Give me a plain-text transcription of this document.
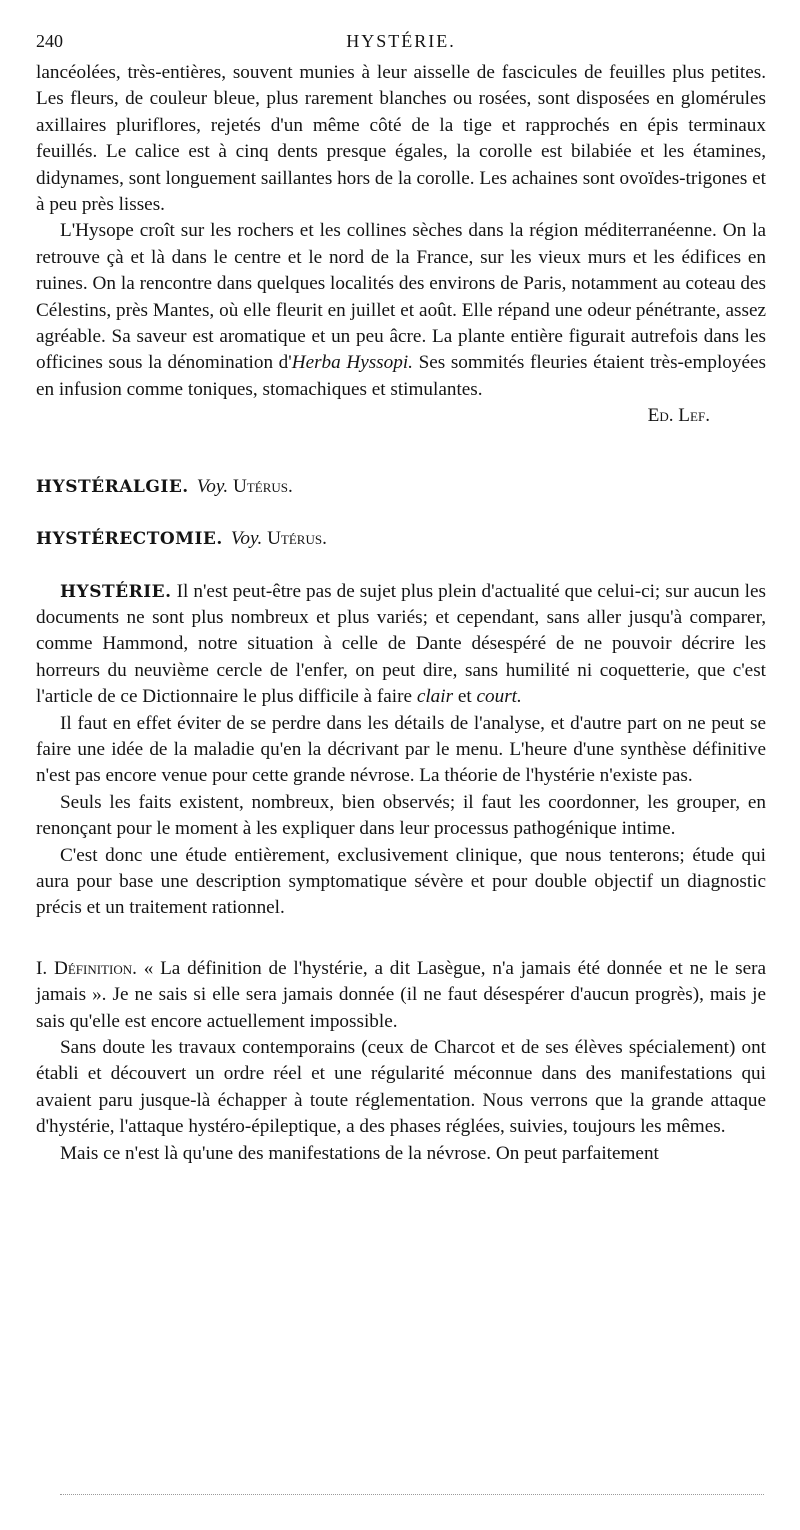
240	HYSTÉRIE.

lancéolées, très-entières, souvent munies à leur aisselle de fascicules de feuilles plus petites. Les fleurs, de couleur bleue, plus rarement blanches ou rosées, sont disposées en glomérules axillaires pluriflores, rejetés d'un même côté de la tige et rapprochés en épis terminaux feuillés. Le calice est à cinq dents presque égales, la corolle est bilabiée et les étamines, didynames, sont longuement saillantes hors de la corolle. Les achaines sont ovoïdes-trigones et à peu près lisses.

L'Hysope croît sur les rochers et les collines sèches dans la région méditerranéenne. On la retrouve çà et là dans le centre et le nord de la France, sur les vieux murs et les édifices en ruines. On la rencontre dans quelques localités des environs de Paris, notamment au coteau des Célestins, près Mantes, où elle fleurit en juillet et août. Elle répand une odeur pénétrante, assez agréable. Sa saveur est aromatique et un peu âcre. La plante entière figurait autrefois dans les officines sous la dénomination d'Herba Hyssopi. Ses sommités fleuries étaient très-employées en infusion comme toniques, stomachiques et stimulantes.

Ed. Lef.

HYSTÉRALGIE. Voy. Utérus.

HYSTÉRECTOMIE. Voy. Utérus.

HYSTÉRIE. Il n'est peut-être pas de sujet plus plein d'actualité que celui-ci; sur aucun les documents ne sont plus nombreux et plus variés; et cependant, sans aller jusqu'à comparer, comme Hammond, notre situation à celle de Dante désespéré de ne pouvoir décrire les horreurs du neuvième cercle de l'enfer, on peut dire, sans humilité ni coquetterie, que c'est l'article de ce Dictionnaire le plus difficile à faire clair et court.

Il faut en effet éviter de se perdre dans les détails de l'analyse, et d'autre part on ne peut se faire une idée de la maladie qu'en la décrivant par le menu. L'heure d'une synthèse définitive n'est pas encore venue pour cette grande névrose. La théorie de l'hystérie n'existe pas.

Seuls les faits existent, nombreux, bien observés; il faut les coordonner, les grouper, en renonçant pour le moment à les expliquer dans leur processus pathogénique intime.

C'est donc une étude entièrement, exclusivement clinique, que nous tenterons; étude qui aura pour base une description symptomatique sévère et pour double objectif un diagnostic précis et un traitement rationnel.

I. Définition. « La définition de l'hystérie, a dit Lasègue, n'a jamais été donnée et ne le sera jamais ». Je ne sais si elle sera jamais donnée (il ne faut désespérer d'aucun progrès), mais je sais qu'elle est encore actuellement impossible.

Sans doute les travaux contemporains (ceux de Charcot et de ses élèves spécialement) ont établi et découvert un ordre réel et une régularité méconnue dans des manifestations qui avaient paru jusque-là échapper à toute réglementation. Nous verrons que la grande attaque d'hystérie, l'attaque hystéro-épileptique, a des phases réglées, suivies, toujours les mêmes.

Mais ce n'est là qu'une des manifestations de la névrose. On peut parfaitement
